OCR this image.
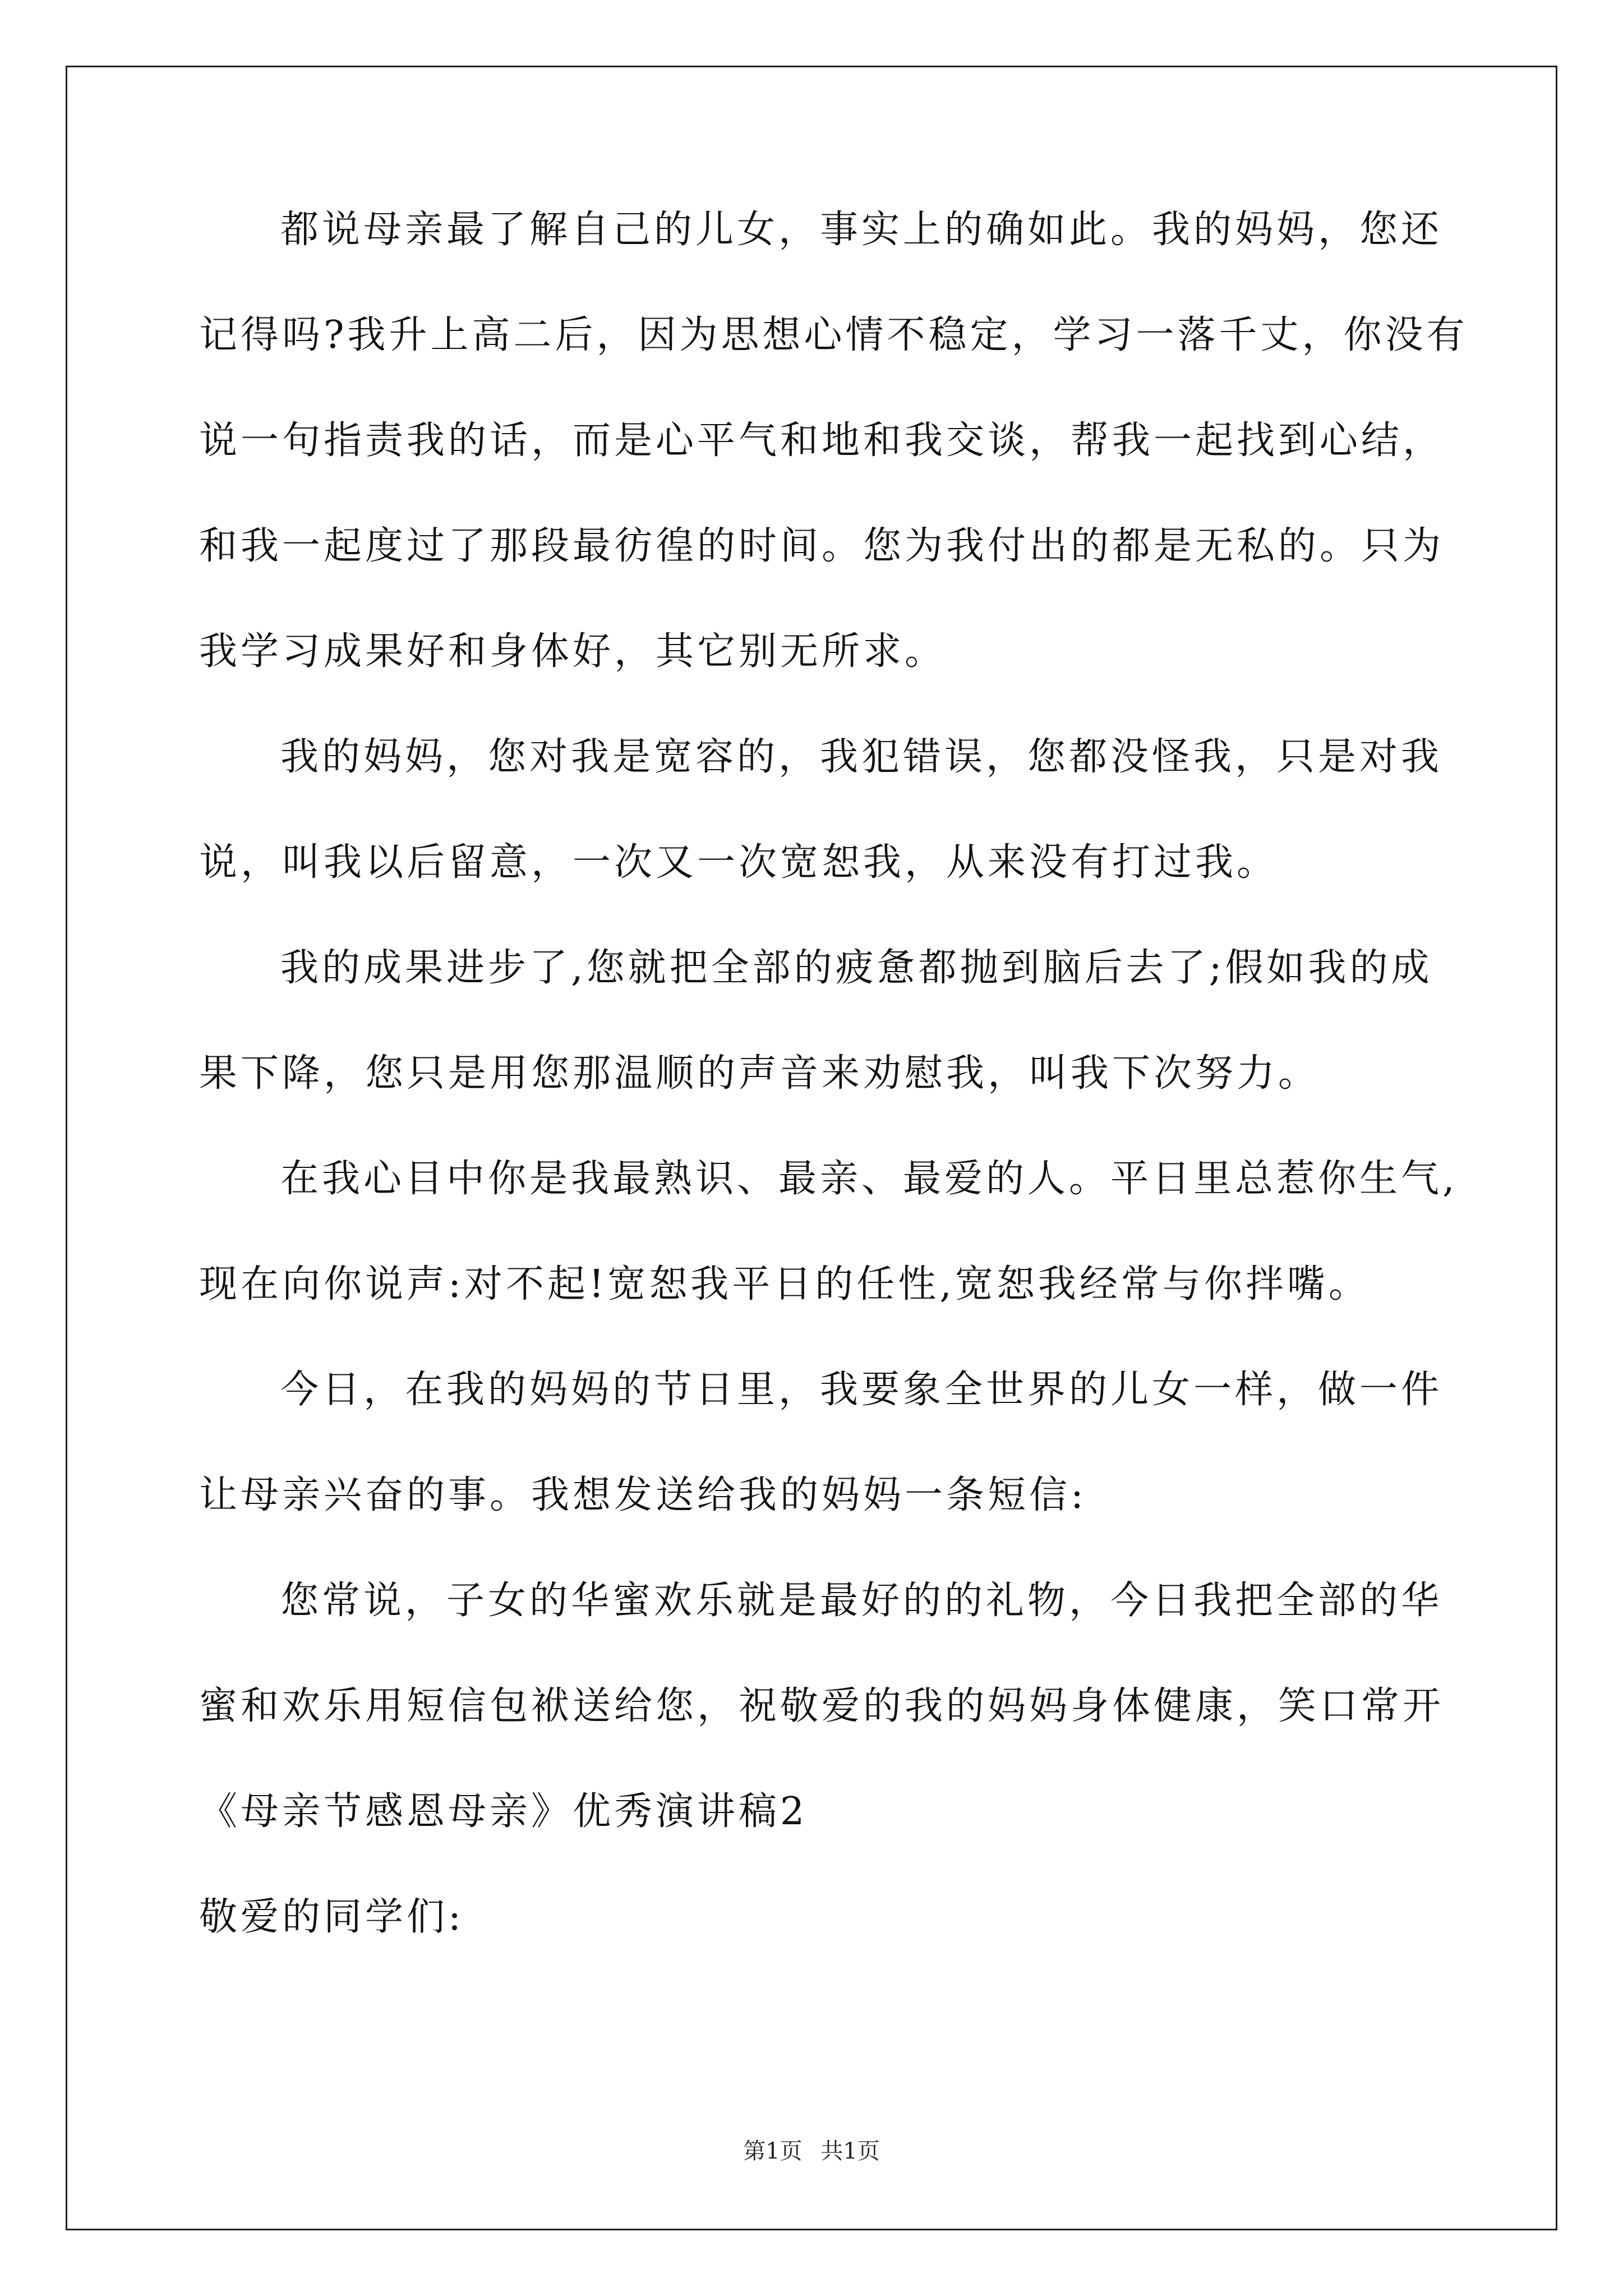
都说母亲最了解自己的儿女，事实上的确如此。我的妈妈，您还
记得吗?我升上高二后，因为思想心情不稳定，学习一落千丈，你没有
说一句指责我的话，而是心平气和地和我交谈，帮我一起找到心结，
和我一起度过了那段最彷徨的时间。您为我付出的都是无私的。只为
我学习成果好和身体好，其它别无所求。
我的妈妈，您对我是宽容的，我犯错误，您都没怪我，只是对我
说，叫我以后留意，一次又一次宽恕我，从来没有打过我。
我的成果进步了,您就把全部的疲惫都抛到脑后去了;假如我的成
果下降，您只是用您那温顺的声音来劝慰我，叫我下次努力。
在我心目中你是我最熟识、最亲、最爱的人。平日里总惹你生气,
现在向你说声:对不起!宽恕我平日的任性,宽恕我经常与你拌嘴。
今日，在我的妈妈的节日里，我要象全世界的儿女一样，做一件
让母亲兴奋的事。我想发送给我的妈妈一条短信:
您常说，子女的华蜜欢乐就是最好的的礼物，今日我把全部的华
蜜和欢乐用短信包袱送给您，祝敬爱的我的妈妈身体健康，笑口常开
《母亲节感恩母亲》优秀演讲稿2
敬爱的同学们:
第1页 共1页
